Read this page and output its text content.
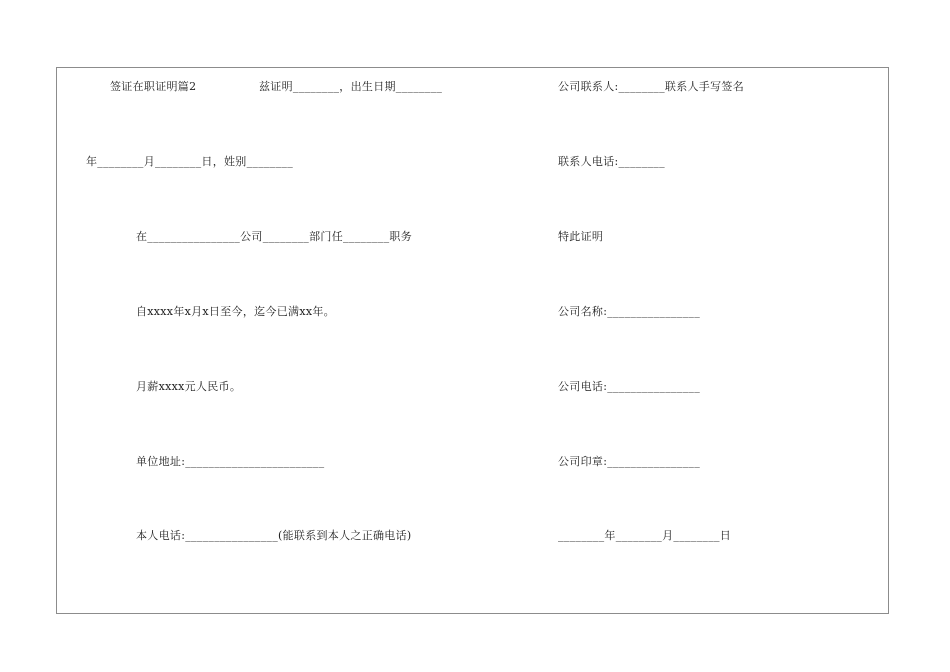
签证在职证明篇2	兹证明________，出生日期________
年________月________日，姓别________
在________________公司________部门任________职务
自xxxx年x月x日至今，迄今已满xx年。
月薪xxxx元人民币。
单位地址:________________________
本人电话:________________(能联系到本人之正确电话)
公司联系人:________联系人手写签名
联系人电话:________
特此证明
公司名称:________________
公司电话:________________
公司印章:________________
________年________月________日
